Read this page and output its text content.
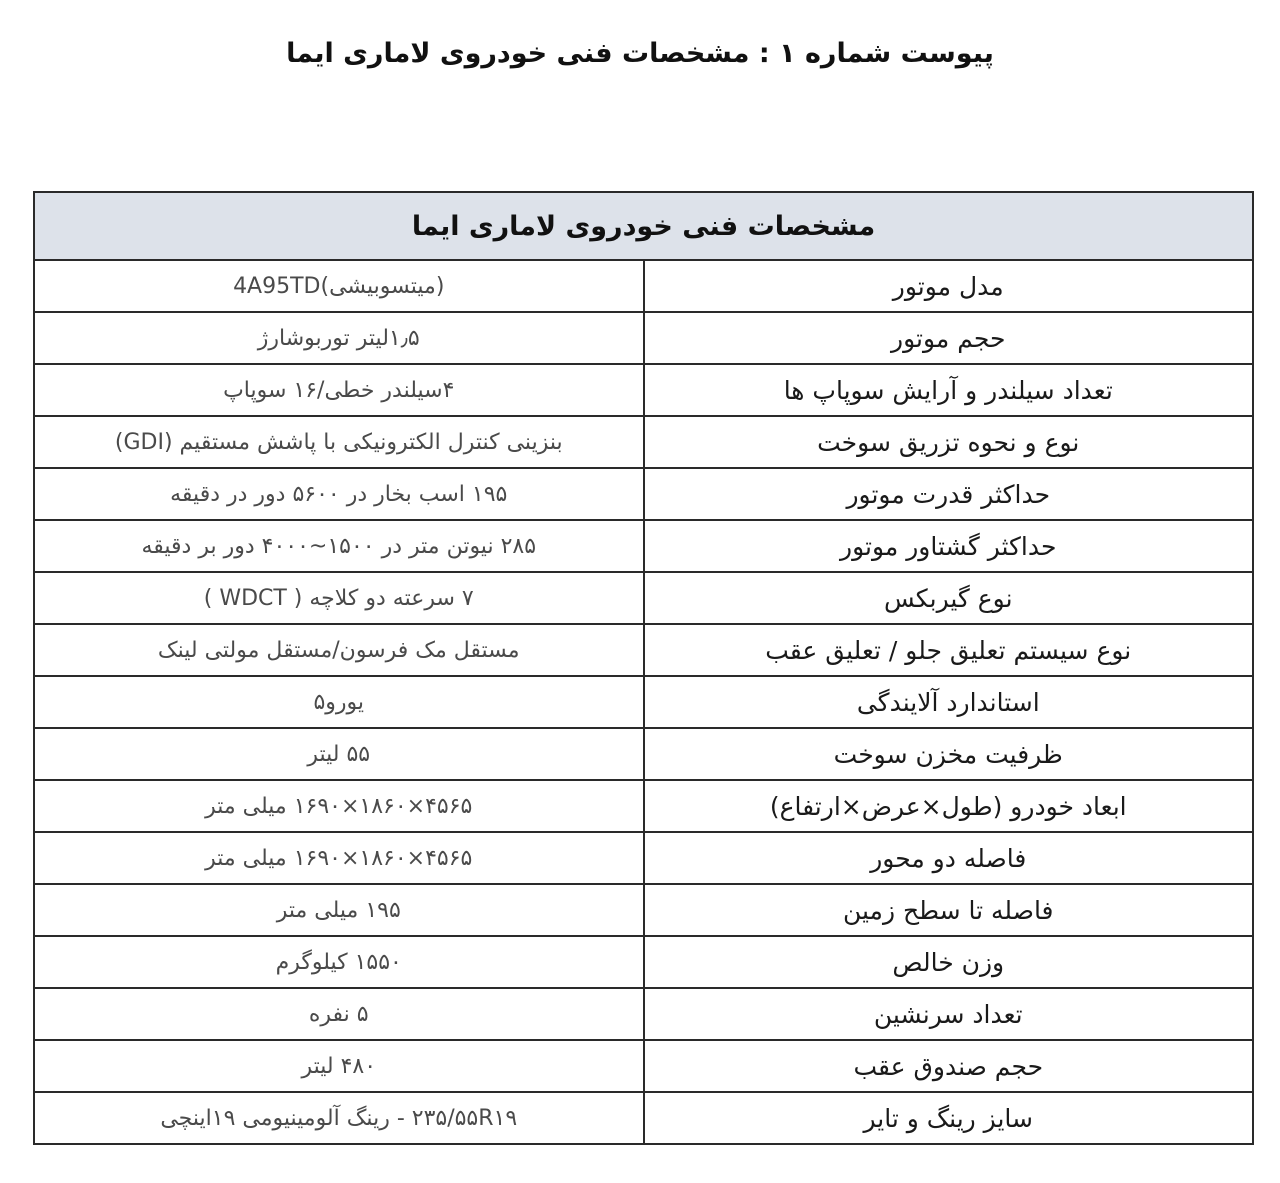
پیوست شماره ۱ : مشخصات فنی خودروی لاماری ایما
مشخصات فنی خودروی لاماری ایما	
مدل موتور	(میتسوبیشی)4A95TD
حجم موتور	۱٫۵لیتر توربوشارژ
تعداد سیلندر و آرایش سوپاپ ها	۴سیلندر خطی/۱۶ سوپاپ
نوع و نحوه تزریق سوخت	بنزینی کنترل الکترونیکی با پاشش مستقیم (GDI)
حداکثر قدرت موتور	۱۹۵ اسب بخار در ۵۶۰۰ دور در دقیقه
حداکثر گشتاور موتور	۲۸۵ نیوتن متر در ۱۵۰۰~۴۰۰۰ دور بر دقیقه
نوع گیربکس	۷ سرعته دو کلاچه ( WDCT )
نوع سیستم تعلیق جلو / تعلیق عقب	مستقل مک فرسون/مستقل مولتی لینک
استاندارد آلایندگی	یورو۵
ظرفیت مخزن سوخت	۵۵ لیتر
ابعاد خودرو (طول×عرض×ارتفاع)	۴۵۶۵×۱۸۶۰×۱۶۹۰ میلی متر
فاصله دو محور	۴۵۶۵×۱۸۶۰×۱۶۹۰ میلی متر
فاصله تا سطح زمین	۱۹۵ میلی متر
وزن خالص	۱۵۵۰ کیلوگرم
تعداد سرنشین	۵ نفره
حجم صندوق عقب	۴۸۰ لیتر
سایز رینگ و تایر	۲۳۵/۵۵R۱۹ - رینگ آلومینیومی ۱۹اینچی
